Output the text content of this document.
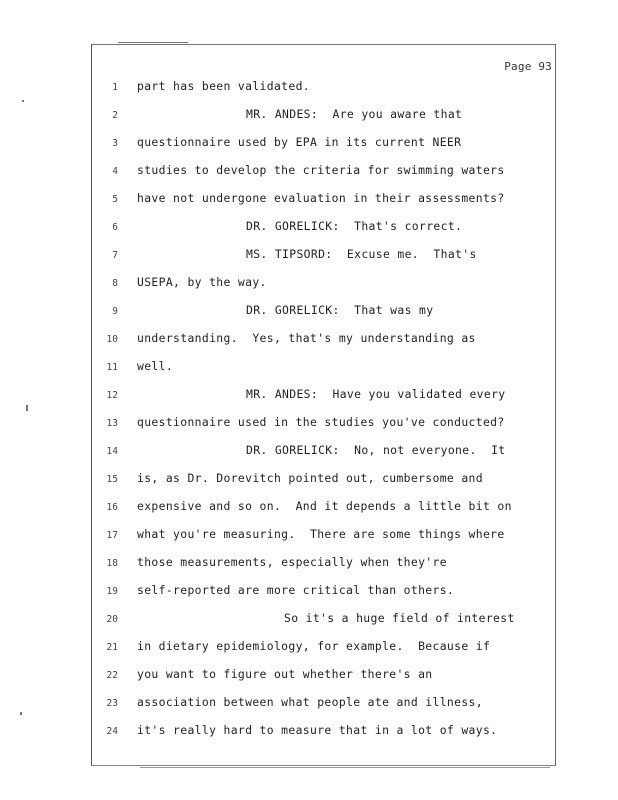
Page 93
1 part has been validated.
2	MR. ANDES:  Are you aware that
3 questionnaire used by EPA in its current NEER
4 studies to develop the criteria for swimming waters
5 have not undergone evaluation in their assessments?
6	DR. GORELICK:  That's correct.
7	MS. TIPSORD:  Excuse me.  That's
8 USEPA, by the way.
9	DR. GORELICK:  That was my
10 understanding.  Yes, that's my understanding as
11 well.
12	MR. ANDES:  Have you validated every
13 questionnaire used in the studies you've conducted?
14	DR. GORELICK:  No, not everyone.  It
15 is, as Dr. Dorevitch pointed out, cumbersome and
16 expensive and so on.  And it depends a little bit on
17 what you're measuring.  There are some things where
18 those measurements, especially when they're
19 self-reported are more critical than others.
20	So it's a huge field of interest
21 in dietary epidemiology, for example.  Because if
22 you want to figure out whether there's an
23 association between what people ate and illness,
24 it's really hard to measure that in a lot of ways.
